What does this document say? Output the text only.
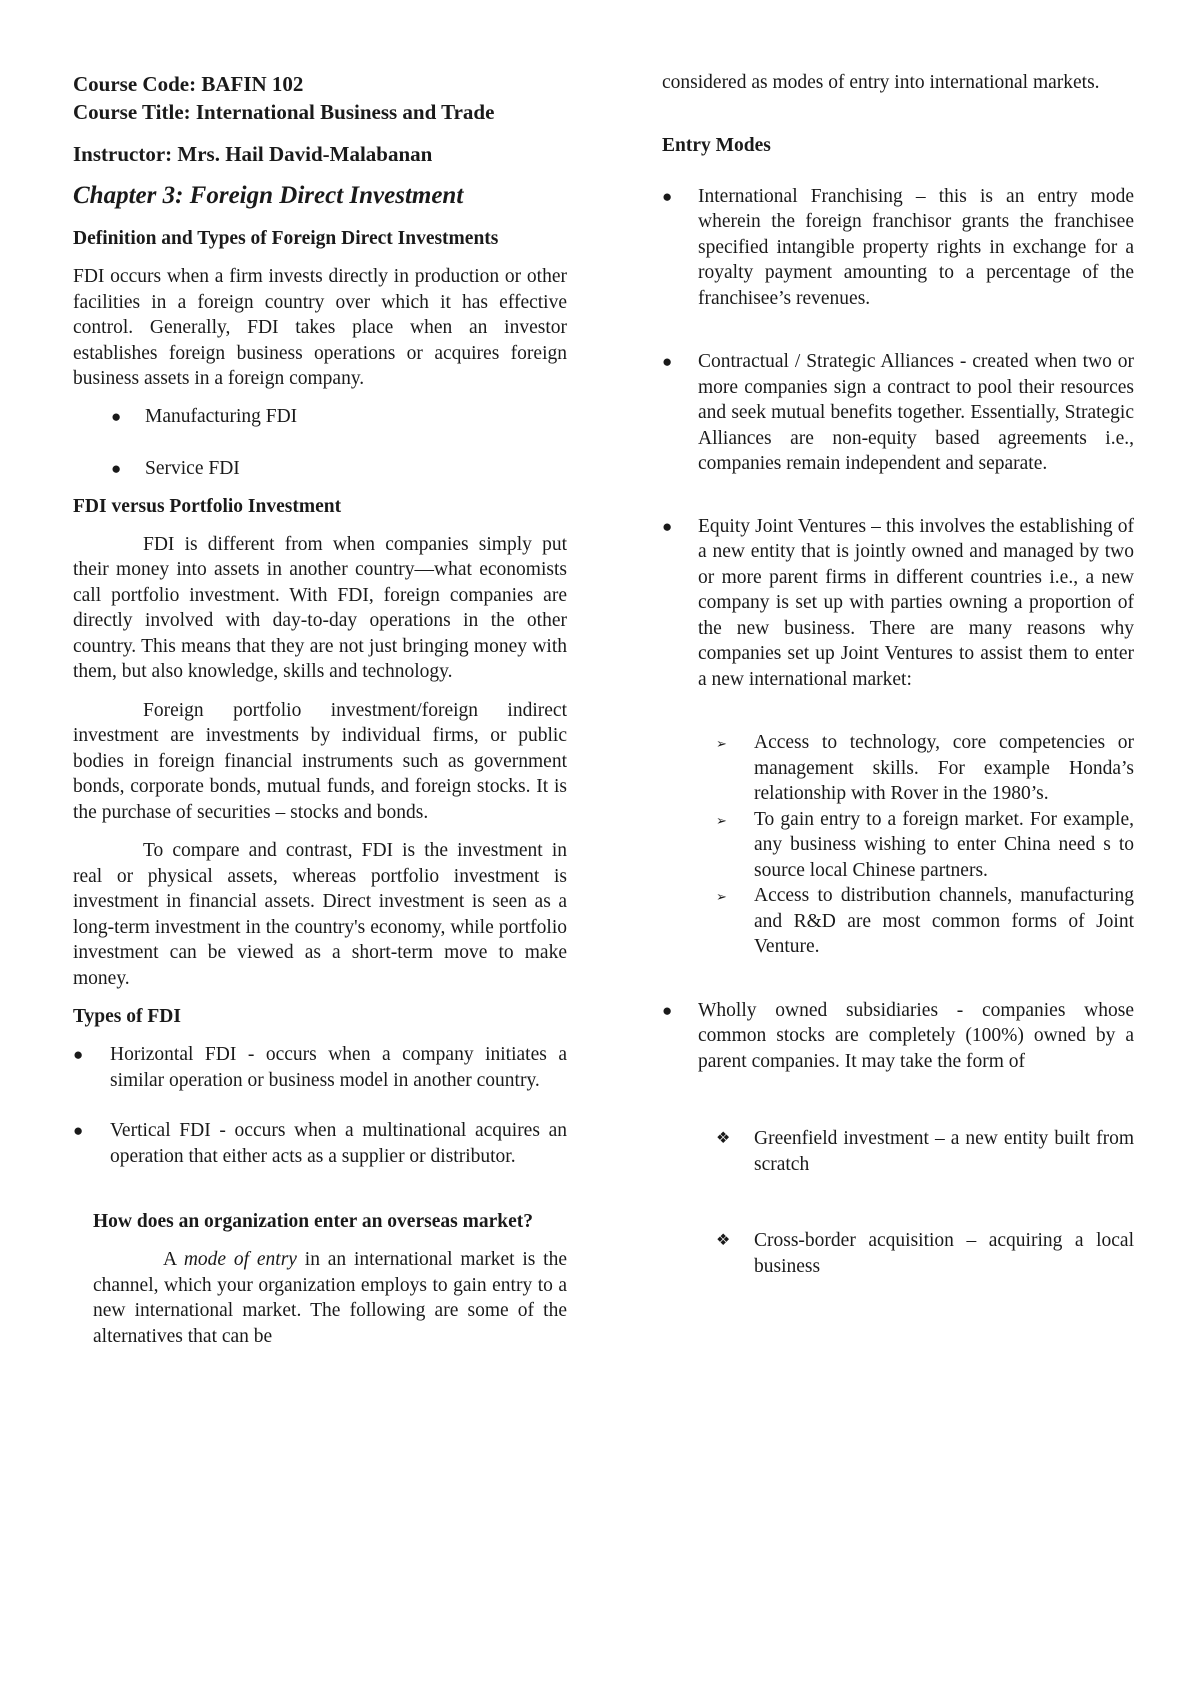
Course Code: BAFIN 102
Course Title: International Business and Trade
Instructor: Mrs. Hail David-Malabanan
Chapter 3: Foreign Direct Investment
Definition and Types of Foreign Direct Investments

FDI occurs when a firm invests directly in production or other facilities in a foreign country over which it has effective control. Generally, FDI takes place when an investor establishes foreign business operations or acquires foreign business assets in a foreign company.

● Manufacturing FDI

● Service FDI

FDI versus Portfolio Investment

FDI is different from when companies simply put their money into assets in another country—what economists call portfolio investment. With FDI, foreign companies are directly involved with day-to-day operations in the other country. This means that they are not just bringing money with them, but also knowledge, skills and technology.

Foreign portfolio investment/foreign indirect investment are investments by individual firms, or public bodies in foreign financial instruments such as government bonds, corporate bonds, mutual funds, and foreign stocks. It is the purchase of securities – stocks and bonds.

To compare and contrast, FDI is the investment in real or physical assets, whereas portfolio investment is investment in financial assets. Direct investment is seen as a long-term investment in the country's economy, while portfolio investment can be viewed as a short-term move to make money.

Types of FDI
● Horizontal FDI - occurs when a company initiates a similar operation or business model in another country.

● Vertical FDI - occurs when a multinational acquires an operation that either acts as a supplier or distributor.

How does an organization enter an overseas market?

A mode of entry in an international market is the channel, which your organization employs to gain entry to a new international market. The following are some of the alternatives that can be

considered as modes of entry into international markets.

Entry Modes
● International Franchising – this is an entry mode wherein the foreign franchisor grants the franchisee specified intangible property rights in exchange for a royalty payment amounting to a percentage of the franchisee’s revenues.

● Contractual / Strategic Alliances - created when two or more companies sign a contract to pool their resources and seek mutual benefits together. Essentially, Strategic Alliances are non-equity based agreements i.e., companies remain independent and separate.

● Equity Joint Ventures – this involves the establishing of a new entity that is jointly owned and managed by two or more parent firms in different countries i.e., a new company is set up with parties owning a proportion of the new business. There are many reasons why companies set up Joint Ventures to assist them to enter a new international market:

➢ Access to technology, core competencies or management skills. For example Honda’s relationship with Rover in the 1980’s.

➢ To gain entry to a foreign market. For example, any business wishing to enter China need s to source local Chinese partners.

➢ Access to distribution channels, manufacturing and R&D are most common forms of Joint Venture.

● Wholly owned subsidiaries - companies whose common stocks are completely (100%) owned by a parent companies. It may take the form of

❖ Greenfield investment – a new entity built from scratch

❖ Cross-border acquisition – acquiring a local business
